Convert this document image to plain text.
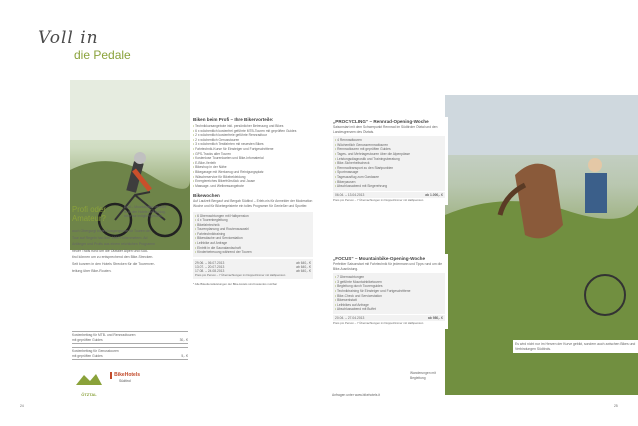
Voll in
die Pedale
Profi oder
Amateur?
Egal – Mountainbike-gerecht
ist in den Hotels und Schlag-
stein nur lediglich gesucht.
auch Obergurgl bietet Ausgangsorte für Touren der
Tour auf Regeln hat über 1000 Höhenmetern. Ad
Anfänger und Profis aus einem reichlichen Programm
neuer Trails rund um die Ötztaler Alpen und Süd-
tirol können um zu entsprechend den Bike-Strecken.
Seit kurzem in den Hotels Strecken für die Tourenver-
teilung über Bike-Routen.
Kostenbeitrag für MTB- und Rennradtouren
mit geprüften Guides	30,- €
Kostenbeitrag für Genusstouren
mit geprüften Guides	5,- €
ÖTZTAL
BikeHotels
Südtirol
Biken beim Profi – Ihre Bikervorteile:
• Technikkursangebote inkl. persönlicher Betreuung und Bikes
• 6 x wöchentlich kostenfrei geführte MTB-Touren mit geprüften Guides
• 2 x wöchentlich kostenfreie geführte Rennradtour
• 2 x wöchentlich Genusstouren
• 3 x wöchentlich Testfahrten mit neuesten Bikes
• Fahrtechnik-Kurse für Einsteiger und Fortgeschrittene
• GPS-Tracks aller Touren
• Kostenlose Tourenkarten und Bike-Infomaterial
• E-Bike-Verleih
• Bikeshop in der Nähe
• Bikegarage mit Werkzeug und Reinigungsplatz
• Wäscheservice für Bikebekleidung
• Energiereiches Bikerfrühstück und Jause
• Massage- und Wellnessangebote
Bikewochen
Auf Laufzeit Bergauf und Bergab Südtirol – Erleb-nis für Anmelder der Moderation Woche und für Bikebegeisterte ein tolles Programm für Genießer und Sportler.
• 6 Übernachtungen mit Halbpension
• 4 x Tourenbegleitung
• Bikefahrtechnik
• Tourenplanung und Routenauswahl
• Fahrtechniktraining
• Bikewäsche und Servicestation
• Leihbike auf Anfrage
• Eintritt in die Saunalandschaft
• Kinderbetreuung während der Touren
29.06. – 06.07.2013	ab 640,- €
13.07. – 20.07.2013	ab 640,- €
17.08. – 24.08.2013	ab 640,- €
Preis pro Person – 7 Übernachtungen im Doppelzimmer mit Halbpension
* Alle Bikedienstleistungen der Bike-Hotels sind kostenlos nutzbar
„PROCYCLING“ – Rennrad-Opening-Woche
Saisonstart mit dem Schwerpunkt Rennrad im Südtiroler Ötztal und den Landesgrenzen des Ötztals.
• 4 Rennradtouren
• Wöchentlich Genussrennradtouren
• Rennradtouren mit geprüften Guides
• Tages- und Mehrtagestouren über die Alpenpässe
• Leistungsdiagnostik und Trainingsberatung
• Bike-Sicherheitscheck
• Rennradtransport zu den Startpunkten
• Sportmassage
• Tagesausflug zum Gardasee
• Bikerpausen
• Abschlussabend mit Siegerehrung
06.04. – 13.04.2013	ab 1.000,- €
Preis pro Person – 7 Übernachtungen im Doppelzimmer mit Halbpension
„FOCUS“ – Mountainbike-Opening-Woche
Perfekter Saisonstart mit Fahrtechnik für jedermann und Tipps rund um die Bike-Ausrüstung.
• 7 Übernachtungen
• 3 geführte Mountainbiketouren
• Begleitung durch Tourenguides
• Techniktraining für Einsteiger und Fortgeschrittene
• Bike-Check und Servicestation
• Bikewerkstatt
• Leihbikes auf Anfrage
• Abschlussabend mit Buffet
20.04. – 27.04.2013	ab 980,- €
Preis pro Person – 7 Übernachtungen im Doppelzimmer mit Halbpension
Wanderungen mit Begleitung
Anfragen unter www.bikehotels.it
Es wird nicht nur im Herzen der Kurve gebikt, sondern auch zwischen Bikes und Verbindungen Südtirols.
24	25
